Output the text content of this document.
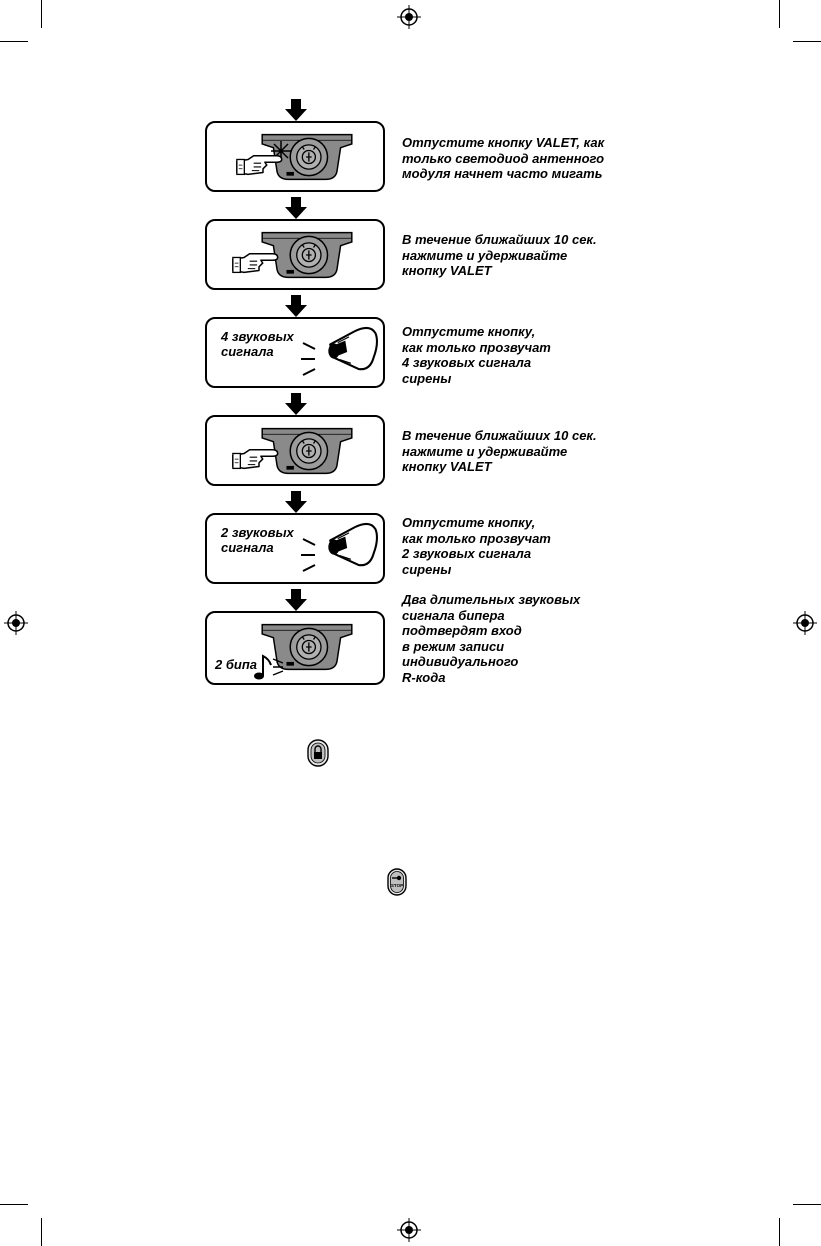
Отпустите кнопку VALET, как
только светодиод антенного
модуля начнет часто мигать
В течение ближайших 10 сек.
нажмите и удерживайте
кнопку VALET
4 звуковых
сигнала
Отпустите кнопку,
как только прозвучат
4 звуковых сигнала
сирены
В течение ближайших 10 сек.
нажмите и удерживайте
кнопку VALET
2 звуковых
сигнала
Отпустите кнопку,
как только прозвучат
2 звуковых сигнала
сирены
2 бипа
Два длительных звуковых
сигнала бипера
подтвердят вход
в режим записи
индивидуального
R-кода
STOP
